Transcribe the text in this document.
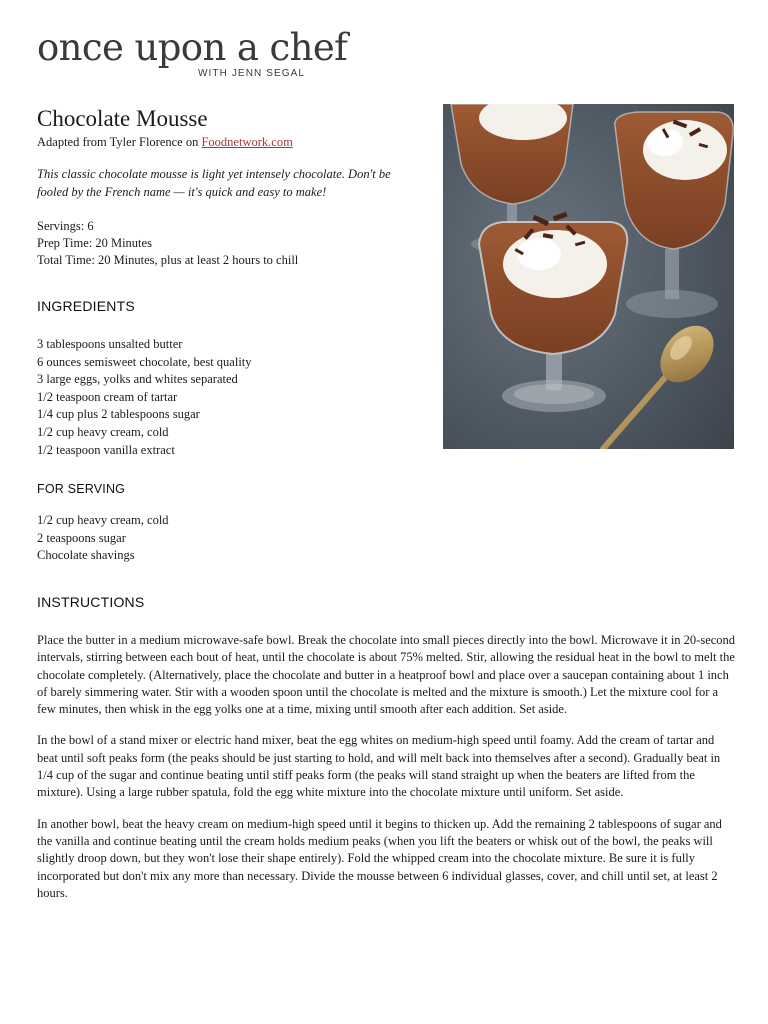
once upon a chef
WITH JENN SEGAL
Chocolate Mousse
Adapted from Tyler Florence on Foodnetwork.com

This classic chocolate mousse is light yet intensely chocolate. Don't be fooled by the French name — it's quick and easy to make!

Servings: 6
Prep Time: 20 Minutes
Total Time: 20 Minutes, plus at least 2 hours to chill
INGREDIENTS
3 tablespoons unsalted butter
6 ounces semisweet chocolate, best quality
3 large eggs, yolks and whites separated
1/2 teaspoon cream of tartar
1/4 cup plus 2 tablespoons sugar
1/2 cup heavy cream, cold
1/2 teaspoon vanilla extract
FOR SERVING
1/2 cup heavy cream, cold
2 teaspoons sugar
Chocolate shavings
INSTRUCTIONS

Place the butter in a medium microwave-safe bowl. Break the chocolate into small pieces directly into the bowl. Microwave it in 20-second intervals, stirring between each bout of heat, until the chocolate is about 75% melted. Stir, allowing the residual heat in the bowl to melt the chocolate completely. (Alternatively, place the chocolate and butter in a heatproof bowl and place over a saucepan containing about 1 inch of barely simmering water. Stir with a wooden spoon until the chocolate is melted and the mixture is smooth.) Let the mixture cool for a few minutes, then whisk in the egg yolks one at a time, mixing until smooth after each addition. Set aside.

In the bowl of a stand mixer or electric hand mixer, beat the egg whites on medium-high speed until foamy. Add the cream of tartar and beat until soft peaks form (the peaks should be just starting to hold, and will melt back into themselves after a second). Gradually beat in 1/4 cup of the sugar and continue beating until stiff peaks form (the peaks will stand straight up when the beaters are lifted from the mixture). Using a large rubber spatula, fold the egg white mixture into the chocolate mixture until uniform. Set aside.

In another bowl, beat the heavy cream on medium-high speed until it begins to thicken up. Add the remaining 2 tablespoons of sugar and the vanilla and continue beating until the cream holds medium peaks (when you lift the beaters or whisk out of the bowl, the peaks will slightly droop down, but they won't lose their shape entirely). Fold the whipped cream into the chocolate mixture. Be sure it is fully incorporated but don't mix any more than necessary. Divide the mousse between 6 individual glasses, cover, and chill until set, at least 2 hours.
